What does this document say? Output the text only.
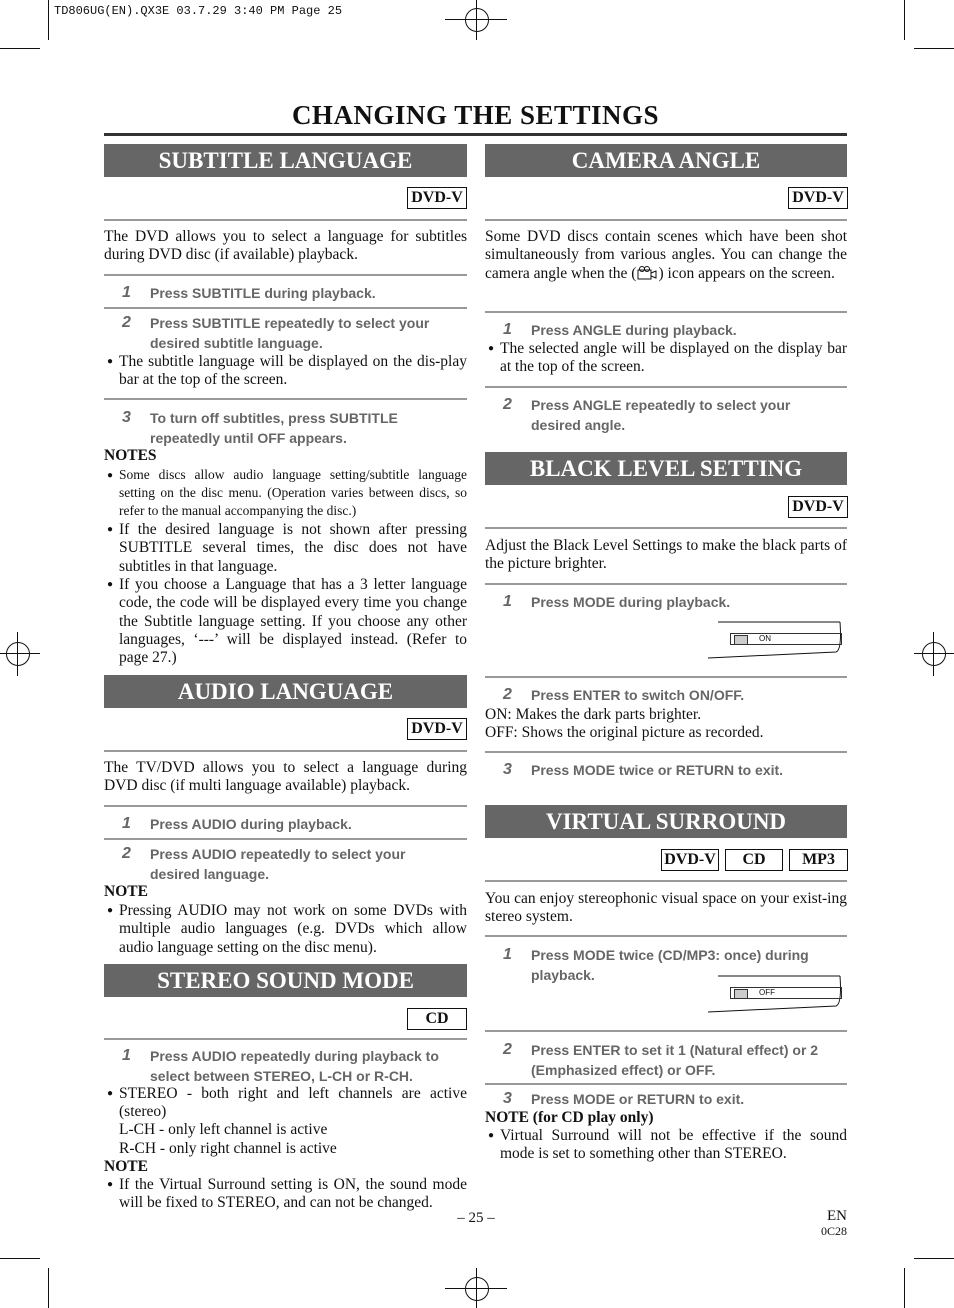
TD806UG(EN).QX3E 03.7.29 3:40 PM Page 25
CHANGING THE SETTINGS
SUBTITLE LANGUAGE
DVD-V
The DVD allows you to select a language for subtitles during DVD disc (if available) playback.
1 Press SUBTITLE during playback.
2 Press SUBTITLE repeatedly to select your desired subtitle language.
● The subtitle language will be displayed on the dis-play bar at the top of the screen.
3 To turn off subtitles, press SUBTITLE repeatedly until OFF appears.
NOTES
● Some discs allow audio language setting/subtitle language setting on the disc menu. (Operation varies between discs, so refer to the manual accompanying the disc.)
● If the desired language is not shown after pressing SUBTITLE several times, the disc does not have subtitles in that language.
● If you choose a Language that has a 3 letter language code, the code will be displayed every time you change the Subtitle language setting. If you choose any other languages, ‘---’ will be displayed instead. (Refer to page 27.)
AUDIO LANGUAGE
DVD-V
The TV/DVD allows you to select a language during DVD disc (if multi language available) playback.
1 Press AUDIO during playback.
2 Press AUDIO repeatedly to select your desired language.
NOTE
● Pressing AUDIO may not work on some DVDs with multiple audio languages (e.g. DVDs which allow audio language setting on the disc menu).
STEREO SOUND MODE
CD
1 Press AUDIO repeatedly during playback to select between STEREO, L-CH or R-CH.
● STEREO - both right and left channels are active (stereo)
L-CH - only left channel is active
R-CH - only right channel is active
NOTE
● If the Virtual Surround setting is ON, the sound mode will be fixed to STEREO, and can not be changed.
CAMERA ANGLE
DVD-V
Some DVD discs contain scenes which have been shot simultaneously from various angles. You can change the camera angle when the ( ) icon appears on the screen.
1 Press ANGLE during playback.
● The selected angle will be displayed on the display bar at the top of the screen.
2 Press ANGLE repeatedly to select your desired angle.
BLACK LEVEL SETTING
DVD-V
Adjust the Black Level Settings to make the black parts of the picture brighter.
1 Press MODE during playback.
ON
2 Press ENTER to switch ON/OFF.
ON: Makes the dark parts brighter.
OFF: Shows the original picture as recorded.
3 Press MODE twice or RETURN to exit.
VIRTUAL SURROUND
DVD-V	CD	MP3
You can enjoy stereophonic visual space on your exist-ing stereo system.
1 Press MODE twice (CD/MP3: once) during playback.
OFF
2 Press ENTER to set it 1 (Natural effect) or 2 (Emphasized effect) or OFF.
3 Press MODE or RETURN to exit.
NOTE (for CD play only)
● Virtual Surround will not be effective if the sound mode is set to something other than STEREO.
– 25 –	EN
0C28
